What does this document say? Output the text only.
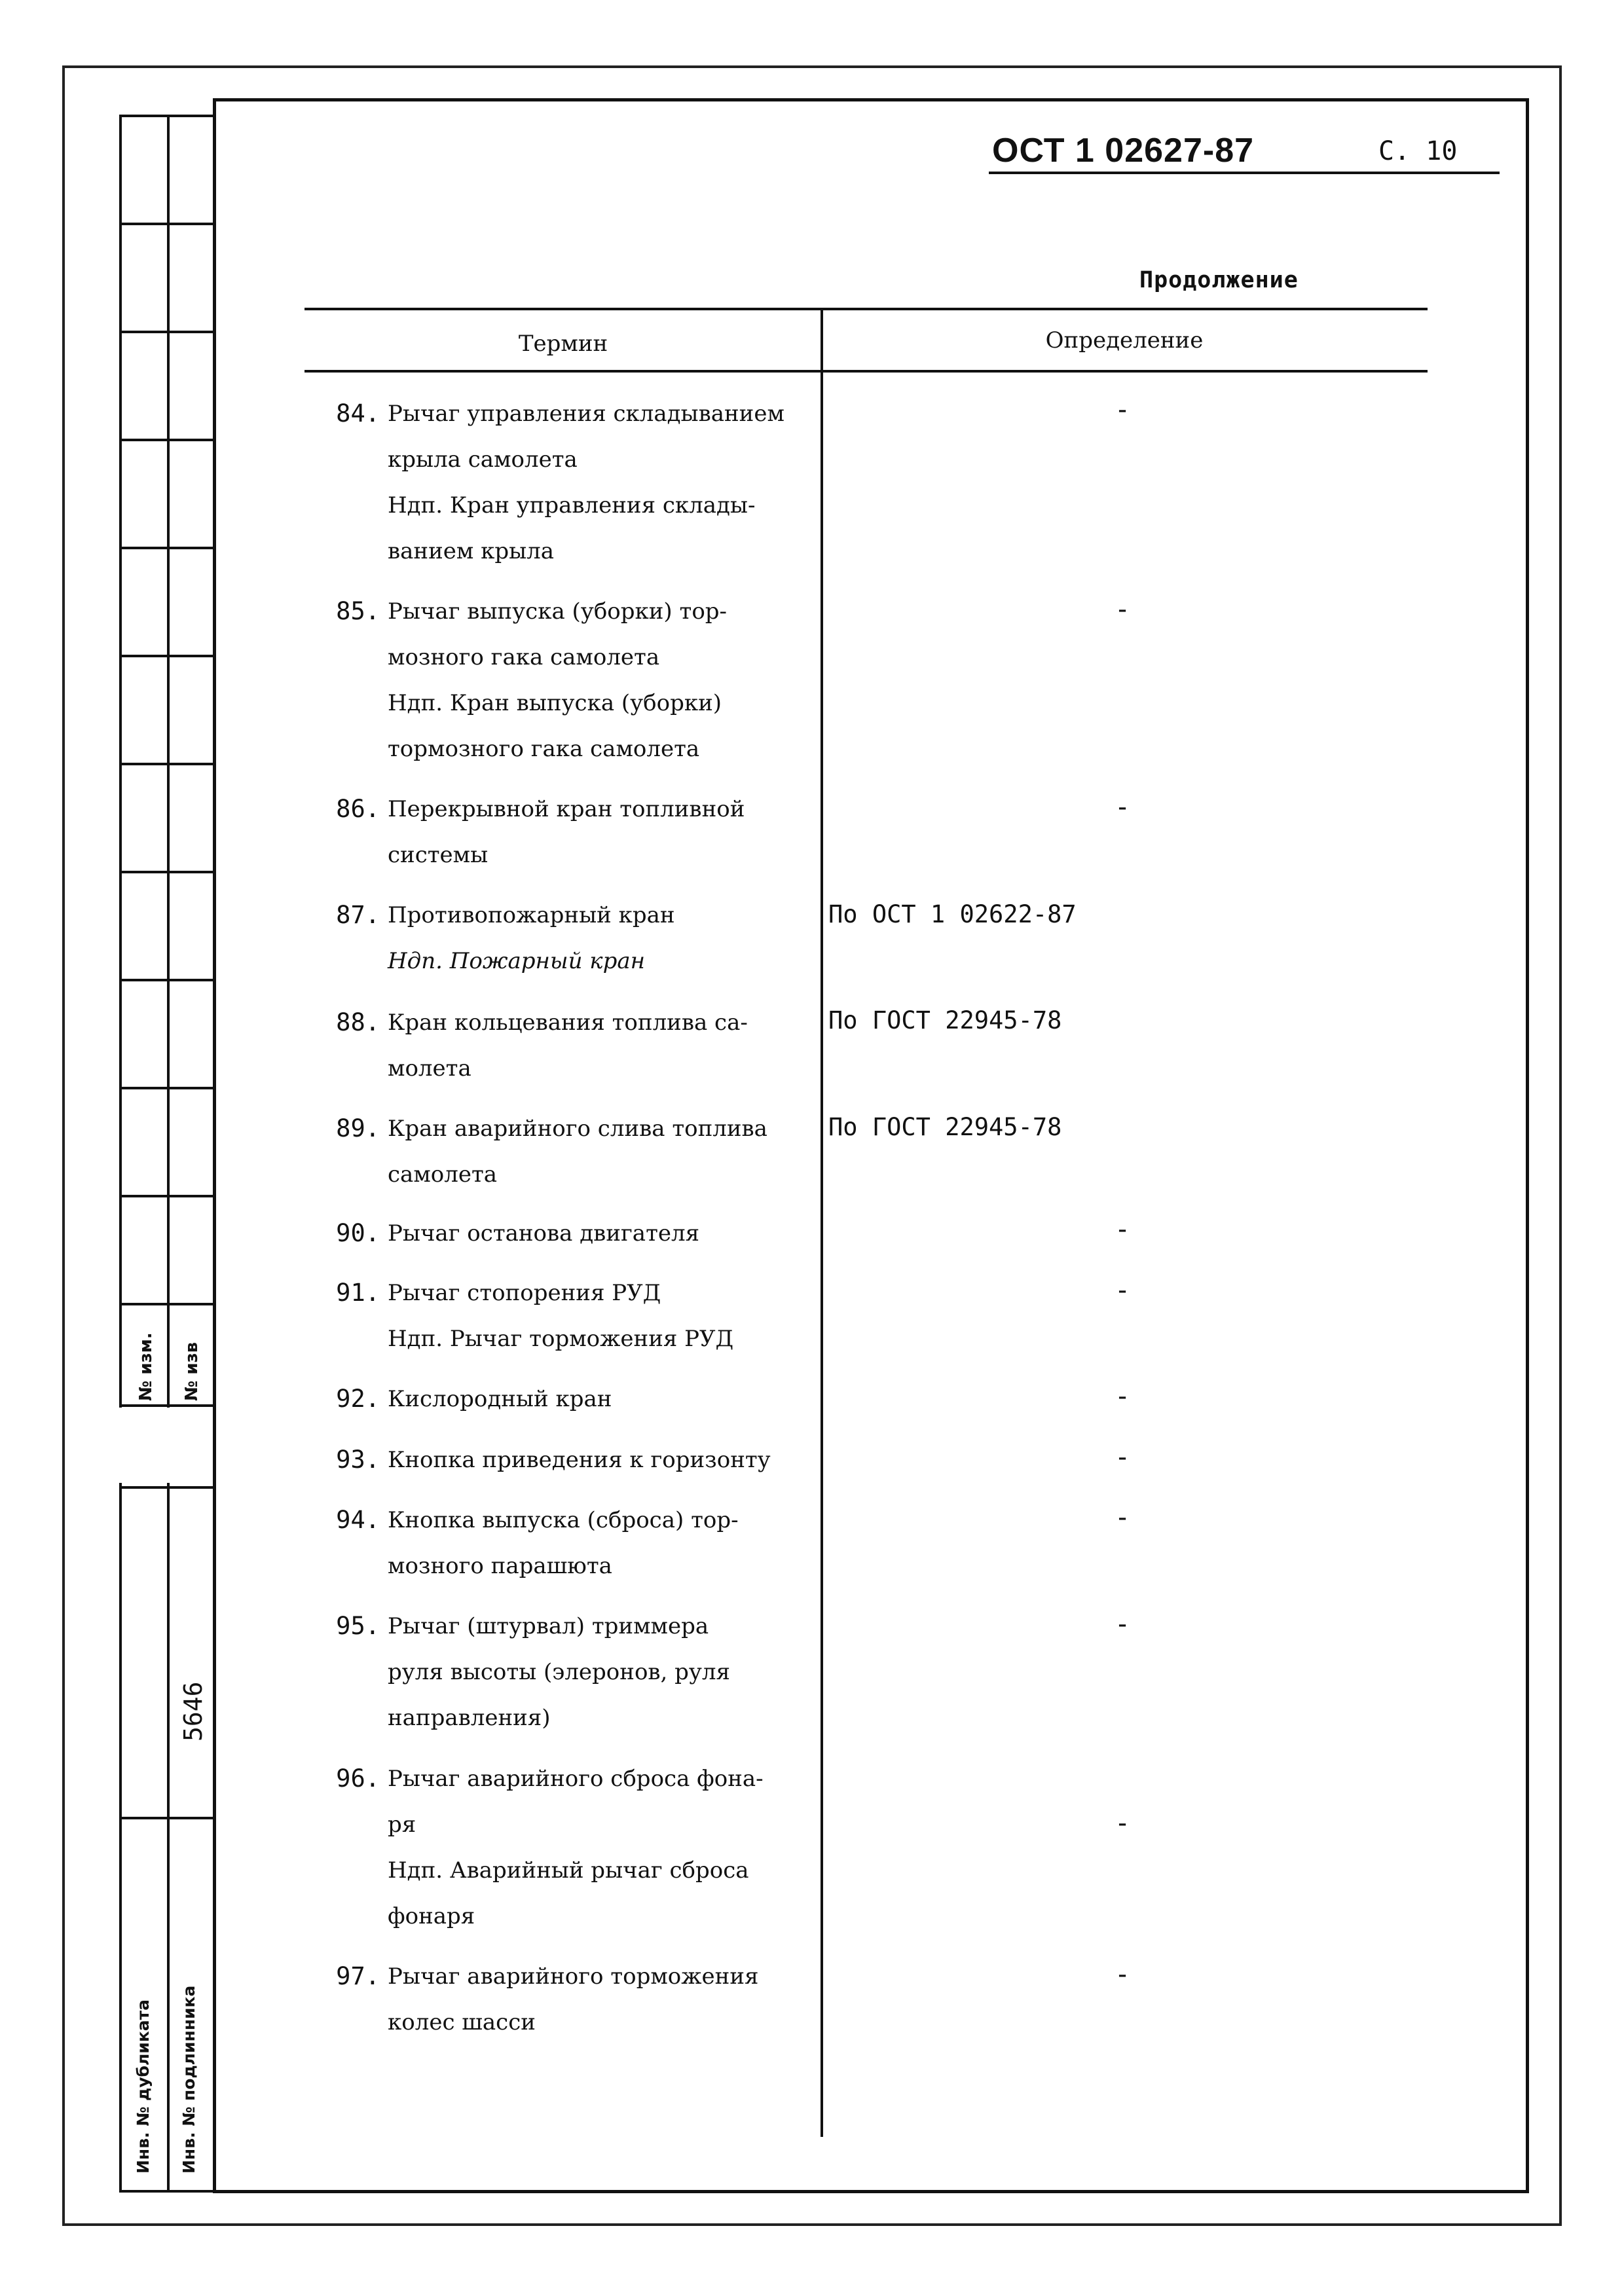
№ изм. № изв
Инв. № дубликата Инв. № подлинника
5646
ОСТ 1 02627-87	С. 10
Продолжение
Термин	Определение
84. Рычаг управления складыванием
крыла самолета
Ндп. Кран управления склады-
ванием крыла
-
85. Рычаг выпуска (уборки) тор-
мозного гака самолета
Ндп. Кран выпуска (уборки)
тормозного гака самолета
-
86. Перекрывной кран топливной
системы
-
87. Противопожарный кран
Ндп. Пожарный кран
По ОСТ 1 02622-87
88. Кран кольцевания топлива са-
молета
По ГОСТ 22945-78
89. Кран аварийного слива топлива
самолета
По ГОСТ 22945-78
90. Рычаг останова двигателя	-
91. Рычаг стопорения РУД
Ндп. Рычаг торможения РУД
-
92. Кислородный кран	-
93. Кнопка приведения к горизонту	-
94. Кнопка выпуска (сброса) тор-
мозного парашюта
-
95. Рычаг (штурвал) триммера
руля высоты (элеронов, руля
направления)
-
96. Рычаг аварийного сброса фона-
ря
Ндп. Аварийный рычаг сброса
фонаря
-
97. Рычаг аварийного торможения
колес шасси
-
